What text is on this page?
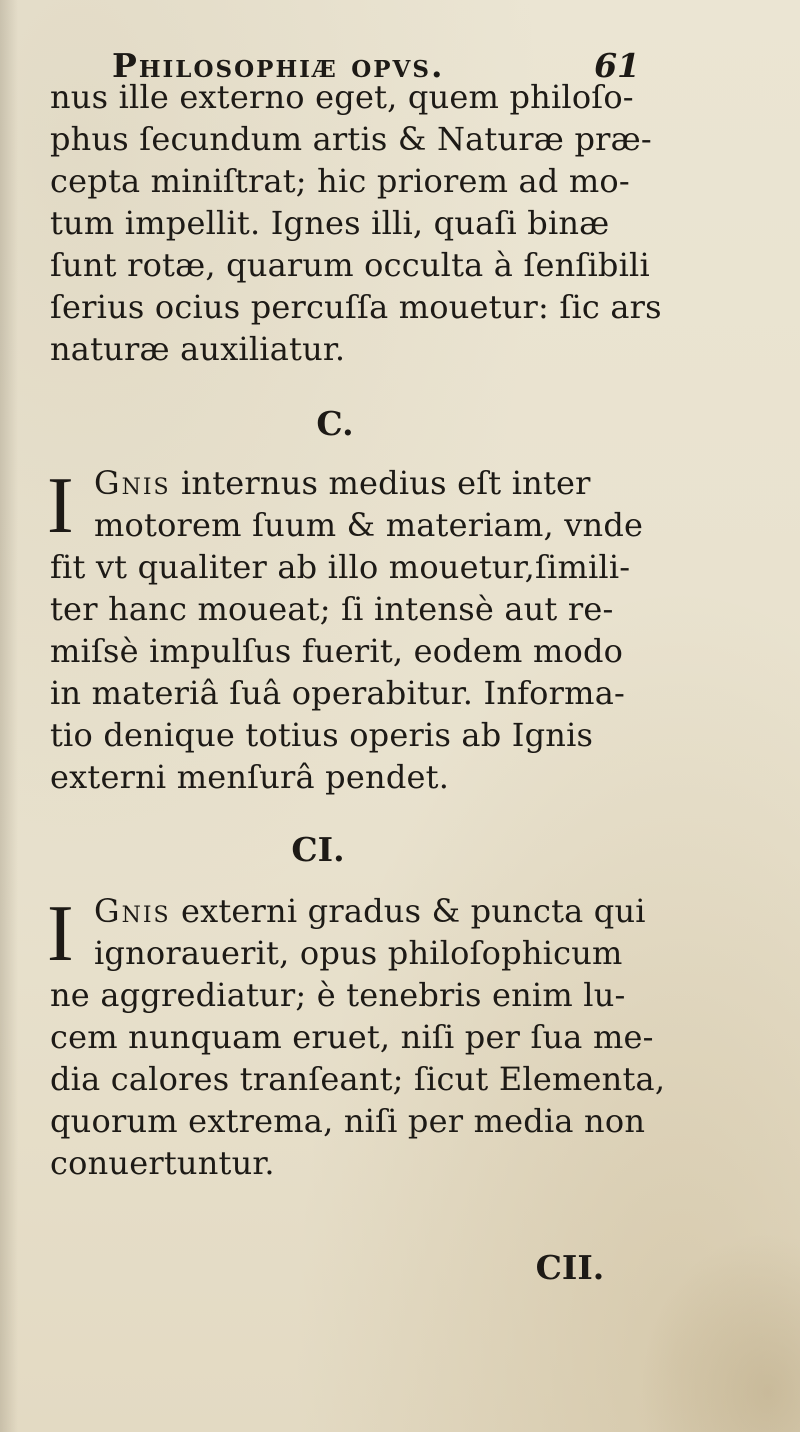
Philosophiæ opvs.	61
nus ille externo eget, quem philoſo-
phus ſecundum artis & Naturæ præ-
cepta miniſtrat; hic priorem ad mo-
tum impellit. Ignes illi, quaſi binæ
ſunt rotæ, quarum occulta à ſenſibili
ſerius ocius percuſſa mouetur: ſic ars
naturæ auxiliatur.
C.
I Gnis internus medius eſt inter
motorem ſuum & materiam, vnde
fit vt qualiter ab illo mouetur,ſimili-
ter hanc moueat; ſi intensè aut re-
miſsè impulſus fuerit, eodem modo
in materiâ ſuâ operabitur. Informa-
tio denique totius operis ab Ignis
externi menſurâ pendet.
CI.
I Gnis externi gradus & puncta qui
ignorauerit, opus philoſophicum
ne aggrediatur; è tenebris enim lu-
cem nunquam eruet, niſi per ſua me-
dia calores tranſeant; ſicut Elementa,
quorum extrema, niſi per media non
conuertuntur.
CII.
